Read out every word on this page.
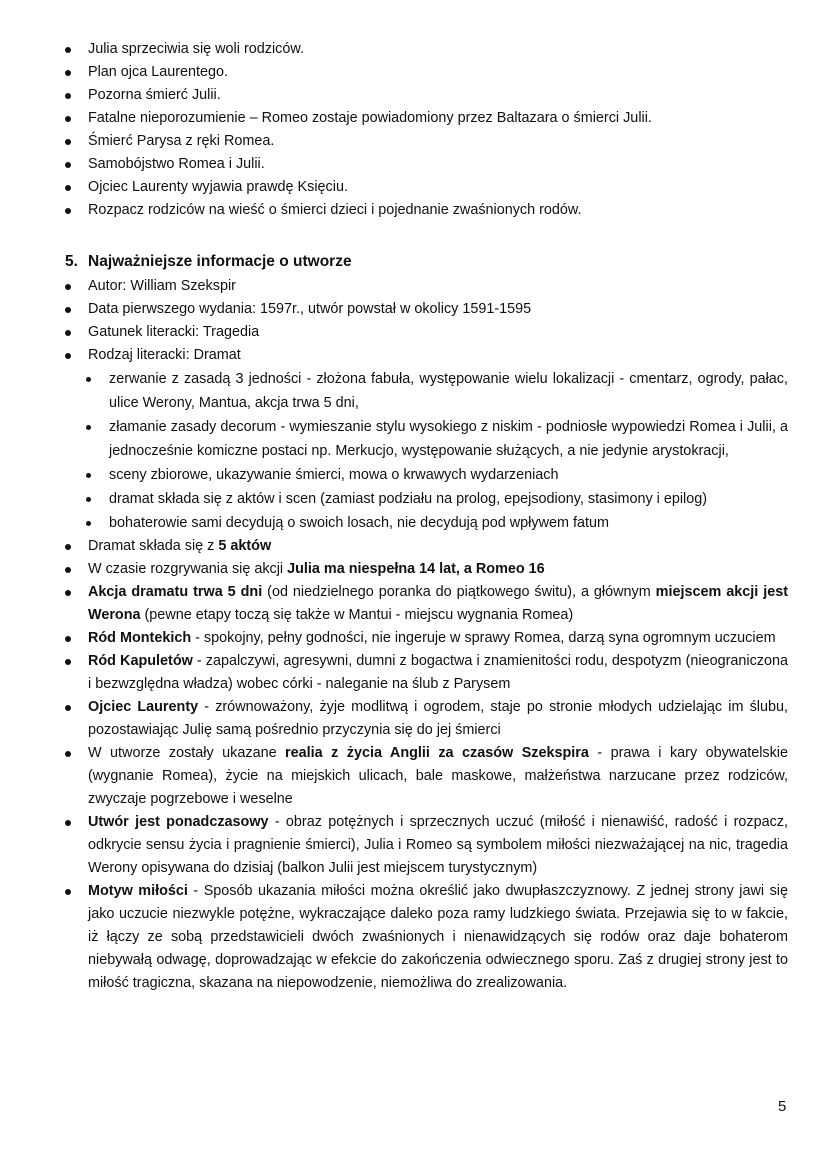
Julia sprzeciwia się woli rodziców.
Plan ojca Laurentego.
Pozorna śmierć Julii.
Fatalne nieporozumienie – Romeo zostaje powiadomiony przez Baltazara o śmierci Julii.
Śmierć Parysa z ręki Romea.
Samobójstwo Romea i Julii.
Ojciec Laurenty wyjawia prawdę Księciu.
Rozpacz rodziców na wieść o śmierci dzieci i pojednanie zwaśnionych rodów.
5. Najważniejsze informacje o utworze
Autor: William Szekspir
Data pierwszego wydania: 1597r., utwór powstał w okolicy 1591-1595
Gatunek literacki: Tragedia
Rodzaj literacki: Dramat
zerwanie z zasadą 3 jedności - złożona fabuła, występowanie wielu lokalizacji - cmentarz, ogrody, pałac, ulice Werony, Mantua, akcja trwa 5 dni,
złamanie zasady decorum - wymieszanie stylu wysokiego z niskim - podniosłe wypowiedzi Romea i Julii, a jednocześnie komiczne postaci np. Merkucjo, występowanie służących, a nie jedynie arystokracji,
sceny zbiorowe, ukazywanie śmierci, mowa o krwawych wydarzeniach
dramat składa się z aktów i scen (zamiast podziału na prolog, epejsodiony, stasimony i epilog)
bohaterowie sami decydują o swoich losach, nie decydują pod wpływem fatum
Dramat składa się z 5 aktów
W czasie rozgrywania się akcji Julia ma niespełna 14 lat, a Romeo 16
Akcja dramatu trwa 5 dni (od niedzielnego poranka do piątkowego świtu), a głównym miejscem akcji jest Werona (pewne etapy toczą się także w Mantui - miejscu wygnania Romea)
Ród Montekich - spokojny, pełny godności, nie ingeruje w sprawy Romea, darzą syna ogromnym uczuciem
Ród Kapuletów - zapalczywi, agresywni, dumni z bogactwa i znamienitości rodu, despotyzm (nieograniczona i bezwzględna władza) wobec córki - naleganie na ślub z Parysem
Ojciec Laurenty - zrównoważony, żyje modlitwą i ogrodem, staje po stronie młodych udzielając im ślubu, pozostawiając Julię samą pośrednio przyczynia się do jej śmierci
W utworze zostały ukazane realia z życia Anglii za czasów Szekspira - prawa i kary obywatelskie (wygnanie Romea), życie na miejskich ulicach, bale maskowe, małżeństwa narzucane przez rodziców, zwyczaje pogrzebowe i weselne
Utwór jest ponadczasowy - obraz potężnych i sprzecznych uczuć (miłość i nienawiść, radość i rozpacz, odkrycie sensu życia i pragnienie śmierci), Julia i Romeo są symbolem miłości niezważającej na nic, tragedia Werony opisywana do dzisiaj (balkon Julii jest miejscem turystycznym)
Motyw miłości - Sposób ukazania miłości można określić jako dwupłaszczyznowy. Z jednej strony jawi się jako uczucie niezwykle potężne, wykraczające daleko poza ramy ludzkiego świata. Przejawia się to w fakcie, iż łączy ze sobą przedstawicieli dwóch zwaśnionych i nienawidzących się rodów oraz daje bohaterom niebywałą odwagę, doprowadzając w efekcie do zakończenia odwiecznego sporu. Zaś z drugiej strony jest to miłość tragiczna, skazana na niepowodzenie, niemożliwa do zrealizowania.
5
